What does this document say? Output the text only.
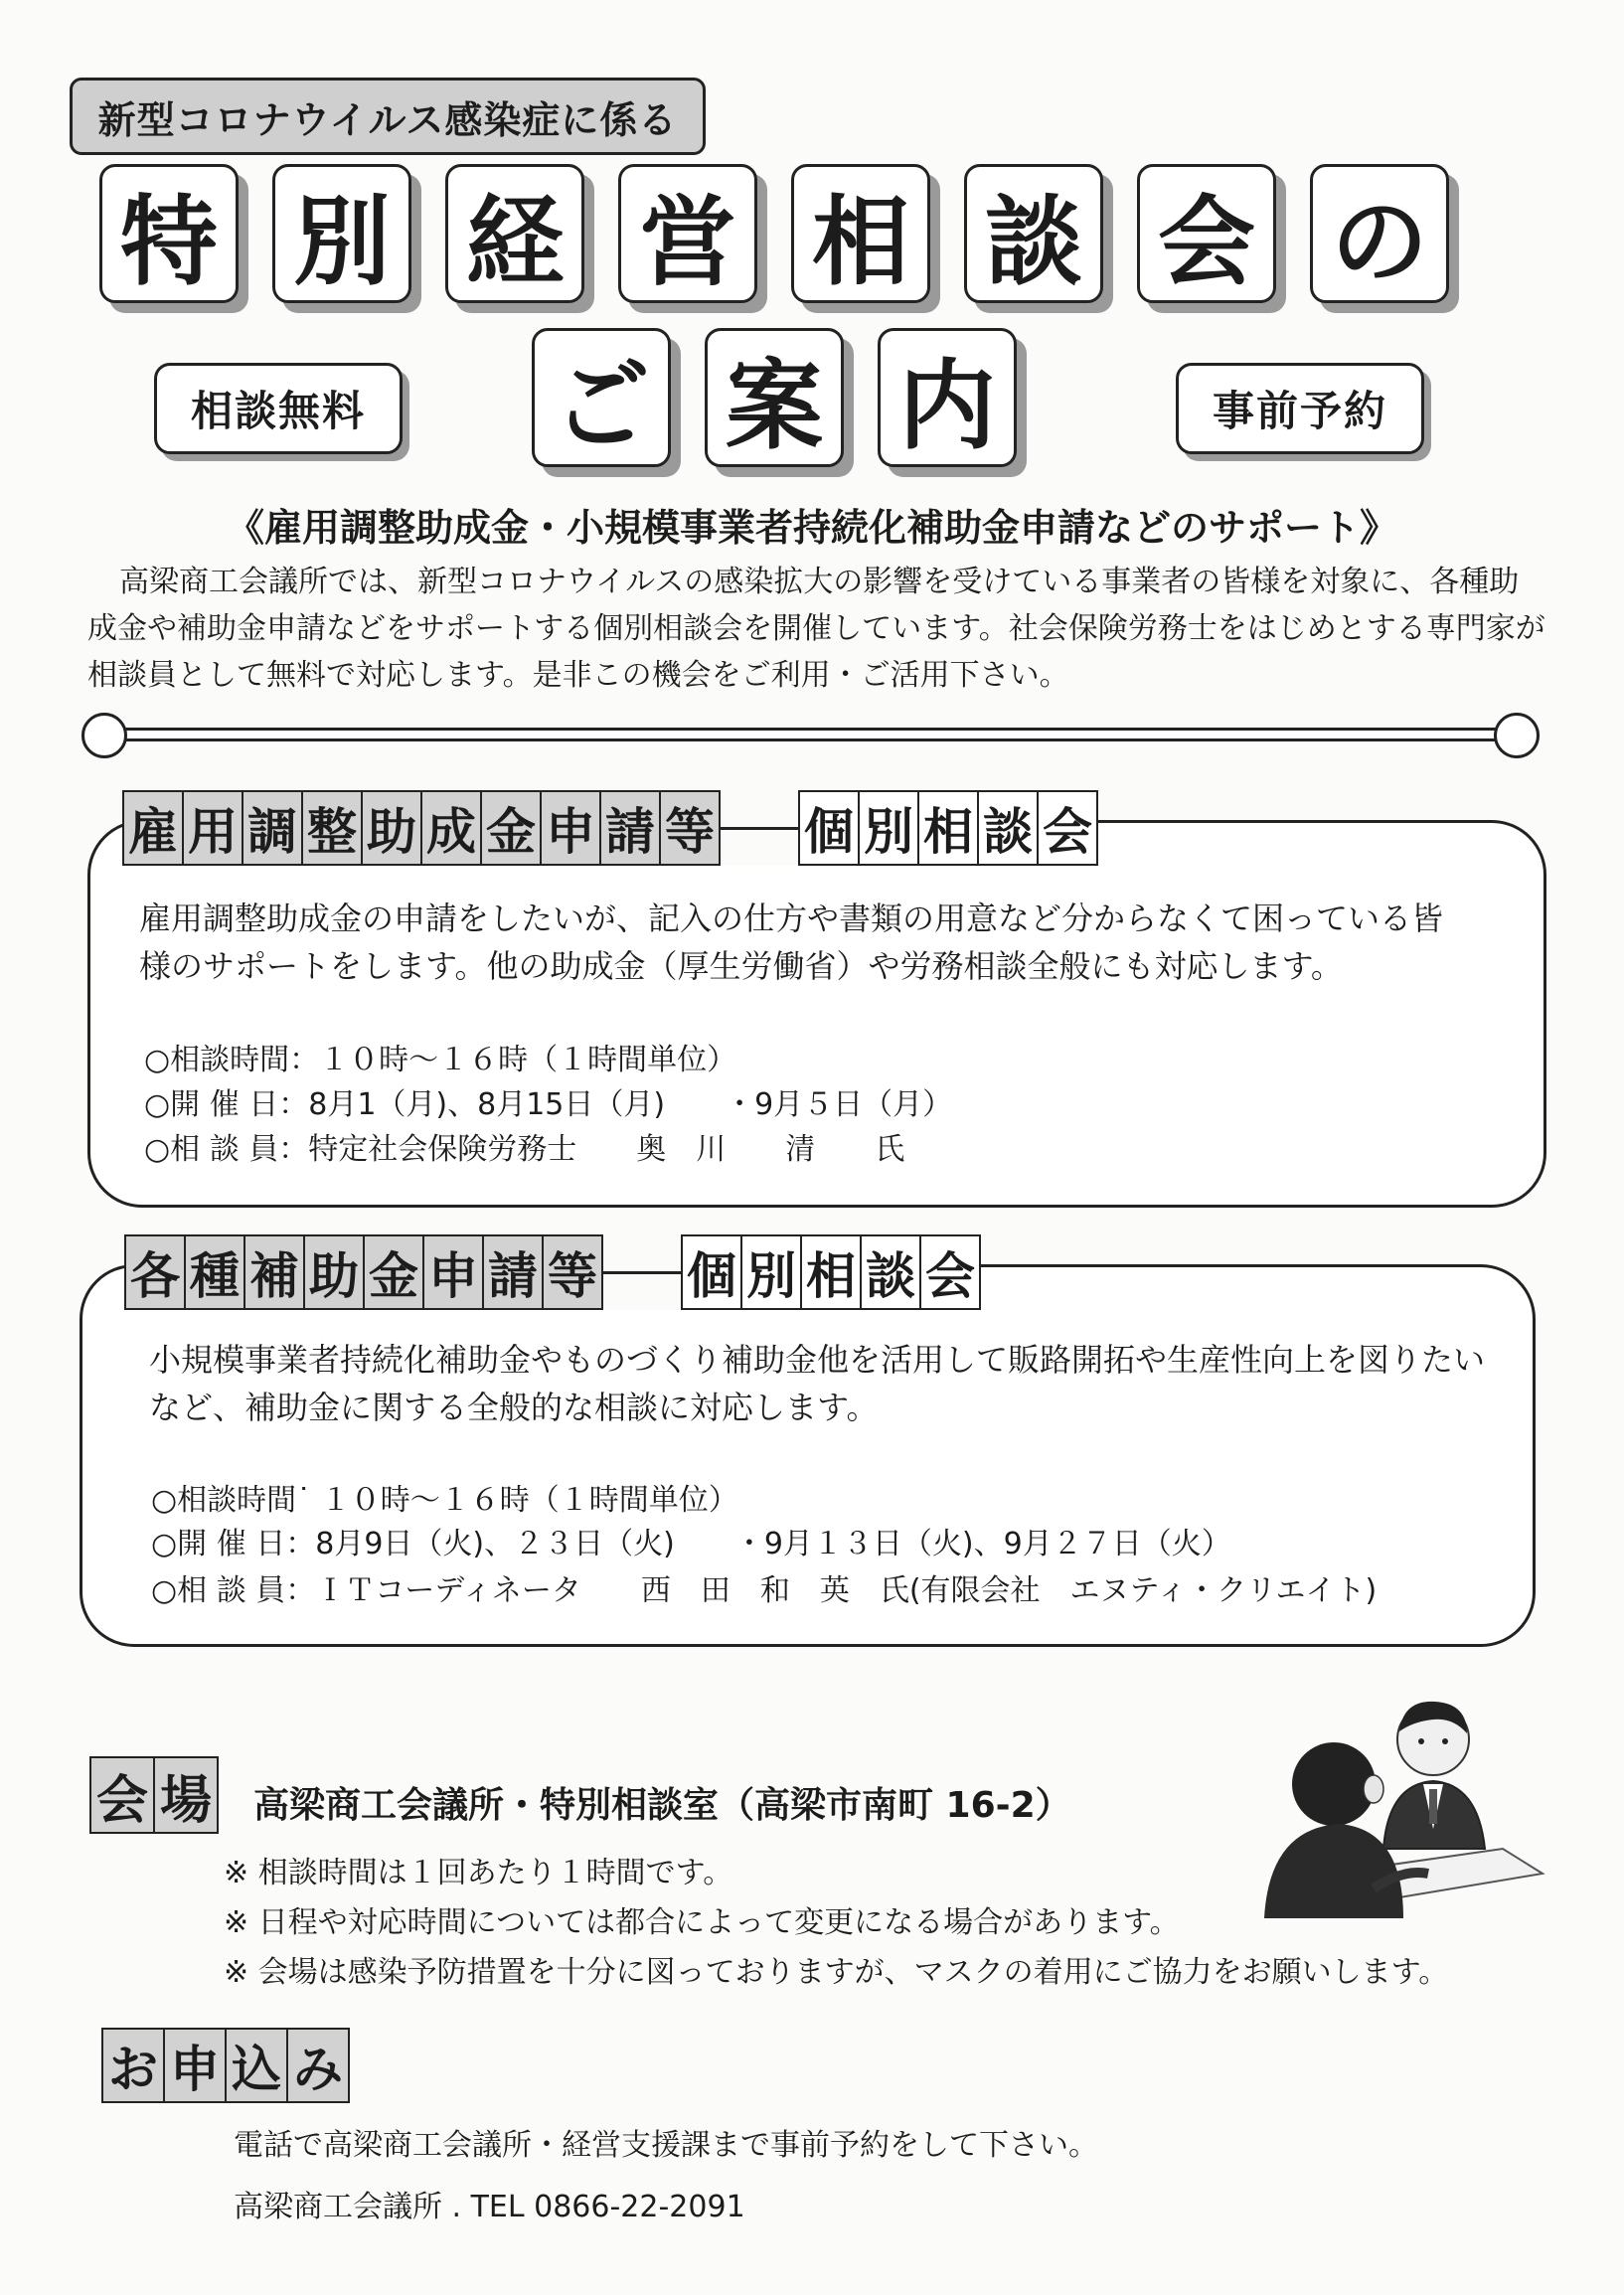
新型コロナウイルス感染症に係る
特 別 経 営 相 談 会 の
ご 案 内
相談無料	事前予約
《雇用調整助成金・小規模事業者持続化補助金申請などのサポート》
高梁商工会議所では、新型コロナウイルスの感染拡大の影響を受けている事業者の皆様を対象に、各種助成金や補助金申請などをサポートする個別相談会を開催しています。社会保険労務士をはじめとする専門家が相談員として無料で対応します。是非この機会をご利用・ご活用下さい。
雇 用 調 整 助 成 金 申 請 等 個 別 相 談 会
雇用調整助成金の申請をしたいが、記入の仕方や書類の用意など分からなくて困っている皆様のサポートをします。他の助成金（厚生労働省）や労務相談全般にも対応します。
○相談時間：１０時～１６時（１時間単位）
○開 催 日：8月1（月)、8月15日（月)　　・9月５日（月）
○相 談 員：特定社会保険労務士　　奥　川　　清　　氏
各 種 補 助 金 申 請 等 個 別 相 談 会
小規模事業者持続化補助金やものづくり補助金他を活用して販路開拓や生産性向上を図りたいなど、補助金に関する全般的な相談に対応します。
○相談時間˙ １０時～１６時（１時間単位）
○開 催 日：8月9日（火)、２３日（火)　　・9月１３日（火)、9月２７日（火）
○相 談 員：ＩＴコーディネータ　　西　田　和　英　氏(有限会社　エヌティ・クリエイト)
会 場 高梁商工会議所・特別相談室（高梁市南町 16-2）
※ 相談時間は１回あたり１時間です。
※ 日程や対応時間については都合によって変更になる場合があります。
※ 会場は感染予防措置を十分に図っておりますが、マスクの着用にご協力をお願いします。
お 申 込 み
電話で高梁商工会議所・経営支援課まで事前予約をして下さい。
高梁商工会議所 . TEL 0866-22-2091
